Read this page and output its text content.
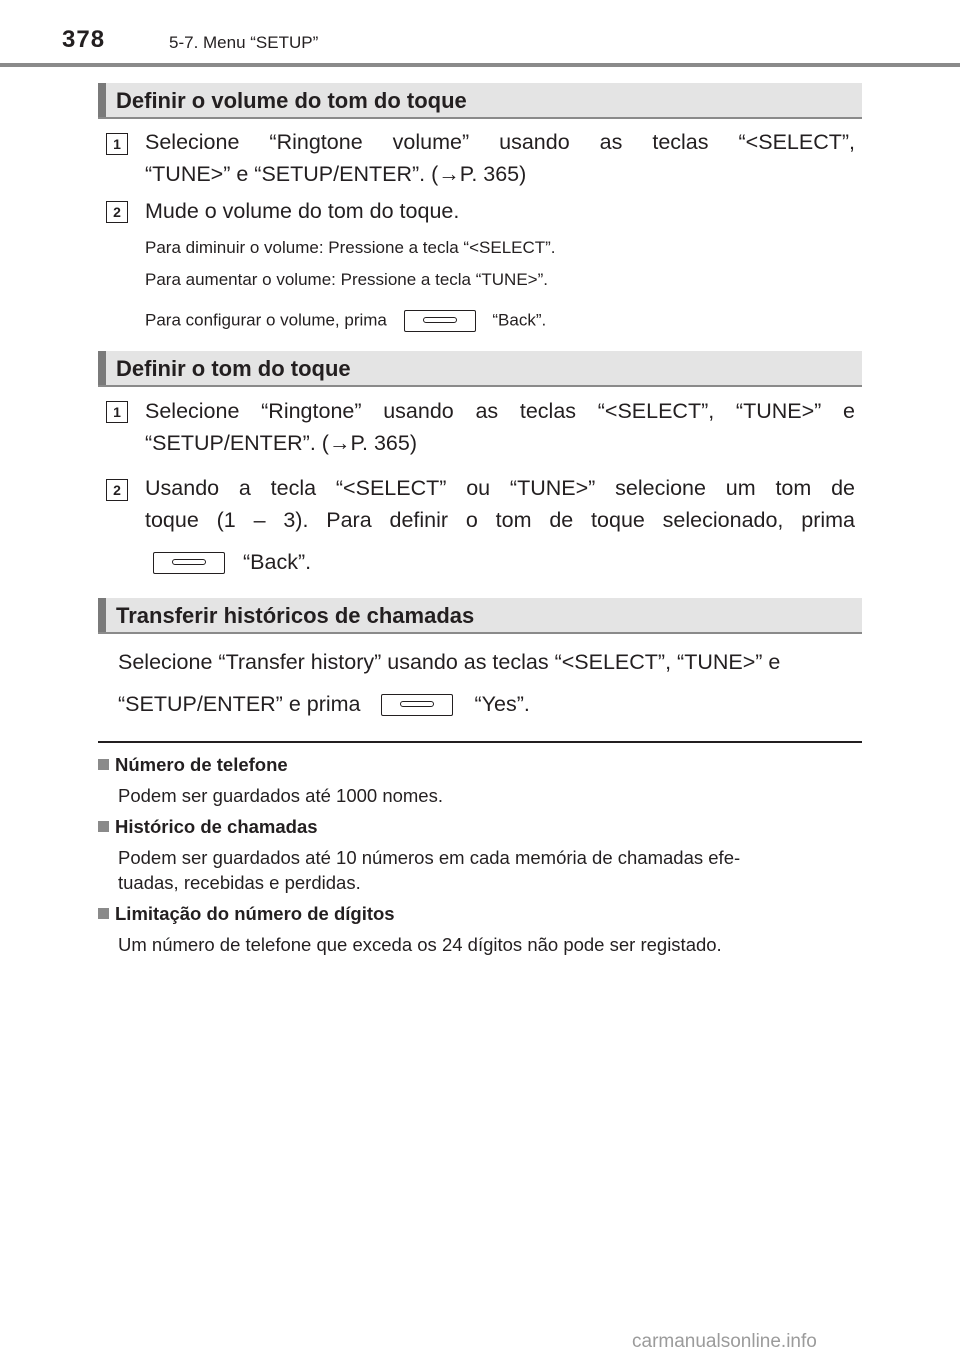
378	5-7. Menu “SETUP”
Definir o volume do tom do toque
1	Selecione “Ringtone volume” usando as teclas “<SELECT”,
“TUNE>” e “SETUP/ENTER”. (→P. 365)
2	Mude o volume do tom do toque.
Para diminuir o volume: Pressione a tecla “<SELECT”.
Para aumentar o volume: Pressione a tecla “TUNE>”.
Para configurar o volume, prima	“Back”.
Definir o tom do toque
1	Selecione “Ringtone” usando as teclas “<SELECT”, “TUNE>” e
“SETUP/ENTER”. (→P. 365)
2	Usando a tecla “<SELECT” ou “TUNE>” selecione um tom de
toque (1 – 3). Para definir o tom de toque selecionado, prima
“Back”.
Transferir históricos de chamadas
Selecione “Transfer history” usando as teclas “<SELECT”, “TUNE>” e
“SETUP/ENTER” e prima	“Yes”.
Número de telefone
Podem ser guardados até 1000 nomes.
Histórico de chamadas
Podem ser guardados até 10 números em cada memória de chamadas efe-
tuadas, recebidas e perdidas.
Limitação do número de dígitos
Um número de telefone que exceda os 24 dígitos não pode ser registado.
carmanualsonline.info
